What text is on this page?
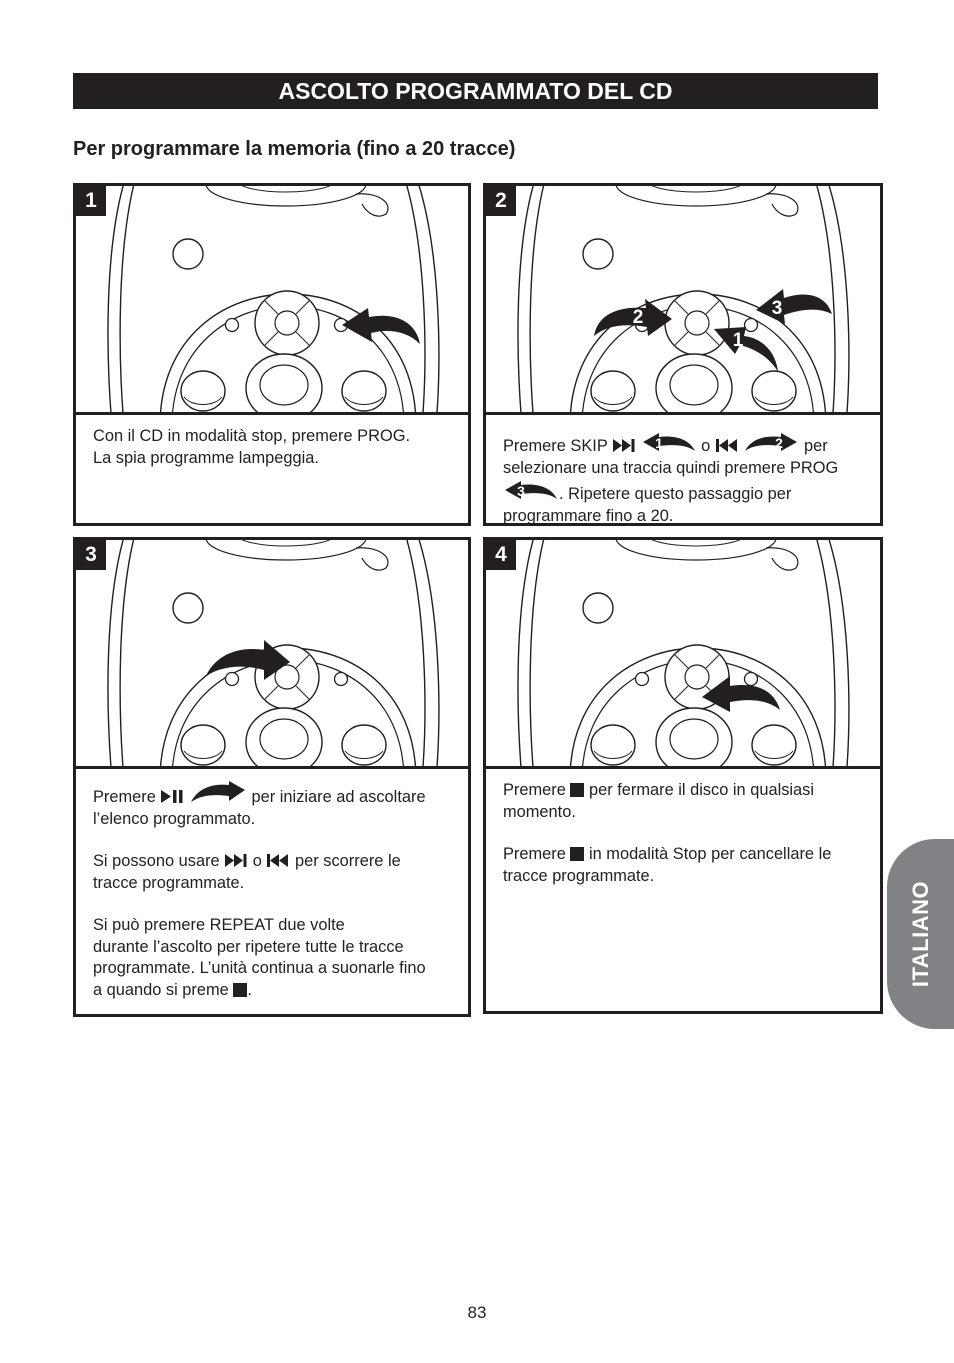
ASCOLTO PROGRAMMATO DEL CD
Per programmare la memoria (fino a 20 tracce)
1
Con il CD in modalità stop, premere PROG.
La spia programme lampeggia.
2
2	3
1
Premere SKIP	1 o	2 per
selezionare una traccia quindi premere PROG
3 . Ripetere questo passaggio per
programmare fino a 20.
3

Premere	per iniziare ad ascoltare
l’elenco programmato.

Si possono usare o per scorrere le
tracce programmate.

Si può premere REPEAT due volte
durante l’ascolto per ripetere tutte le tracce
programmate. L’unità continua a suonarle fino
a quando si preme .

4

Premere per fermare il disco in qualsiasi
momento.

Premere in modalità Stop per cancellare le
tracce programmate.

ITALIANO
83
